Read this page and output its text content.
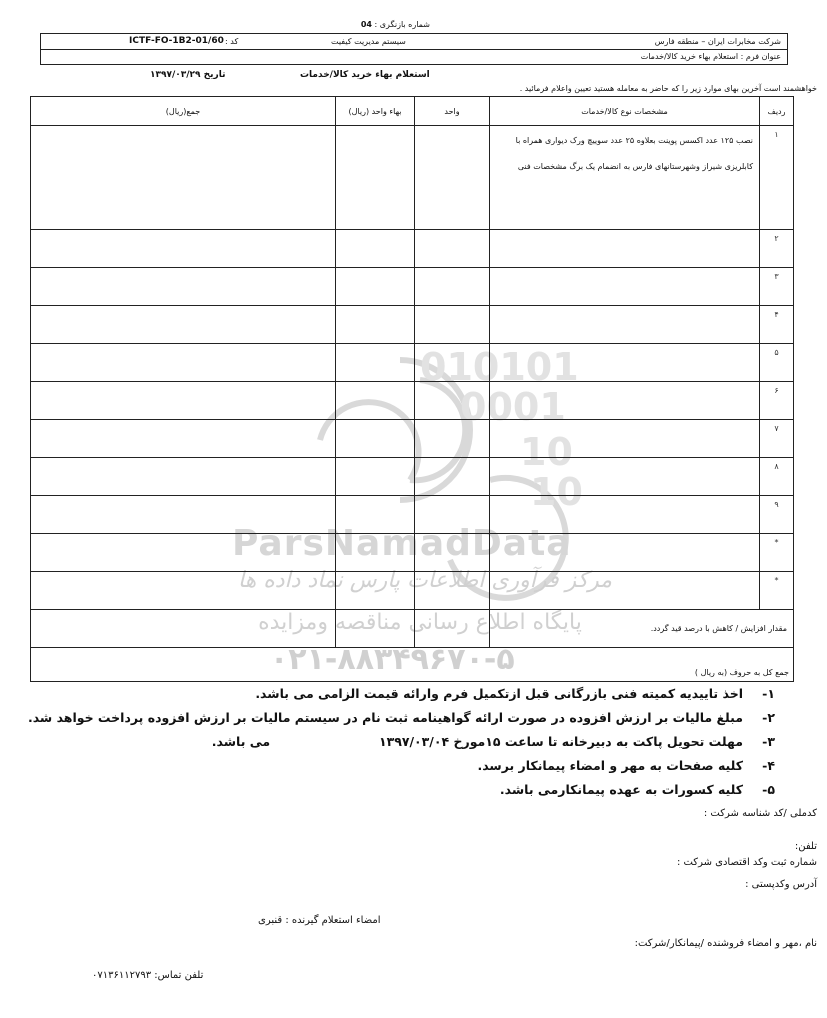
شماره بازنگری : 04
شرکت مخابرات ایران – منطقه فارس
سیستم مدیریت کیفیت
کد :
ICTF-FO-1B2-01/60
عنوان فرم : استعلام بهاء خرید کالا/خدمات
استعلام بهاء خرید کالا/خدمات
تاریخ ۱۳۹۷/۰۳/۲۹
خواهشمند است آخرین بهای موارد زیر را که حاضر به معامله هستید تعیین واعلام فرمائید .
010101
0001
10
10
ParsNamadData
مرکز فرآوری اطلاعات پارس نماد داده ها
پایگاه اطلاع رسانی مناقصه ومزایده
۰۲۱-۸۸۳۴۹۶۷۰-۵
ردیف	مشخصات نوع کالا/خدمات	واحد	بهاء واحد (ریال)	جمع(ریال)
۱	نصب ۱۲۵ عدد اکسس پوینت بعلاوه ۲۵ عدد سوییچ ورک دیواری همراه با کابلریزی شیراز وشهرستانهای فارس به انضمام یک برگ مشخصات فنی			
۲				
۳				
۴				
۵				
۶				
۷				
۸				
۹				
*				
*				
مقدار افزایش / کاهش با درصد قید گردد.				
جمع کل به حروف (به ریال )				
۱-اخذ تاییدیه کمیته فنی بازرگانی قبل ازتکمیل فرم وارائه قیمت الزامی می باشد.
۲-مبلغ مالیات بر ارزش افزوده در صورت ارائه گواهینامه ثبت نام در سیستم مالیات بر ارزش افزوده پرداخت خواهد شد.
۳-مهلت تحویل پاکت به دبیرخانه تا ساعت ۱۵مورخ ۱۳۹۷/۰۳/۰۴                         می باشد.
۴-کلیه صفحات به مهر و امضاء پیمانکار برسد.
۵-کلیه کسورات به عهده پیمانکارمی باشد.
کدملی /کد شناسه شرکت :
تلفن:
شماره ثبت وکد اقتصادی شرکت :
آدرس وکدپستی :
امضاء استعلام گیرنده : قنبری
نام ،مهر و امضاء فروشنده /پیمانکار/شرکت:
تلفن تماس: ۰۷۱۳۶۱۱۲۷۹۳
